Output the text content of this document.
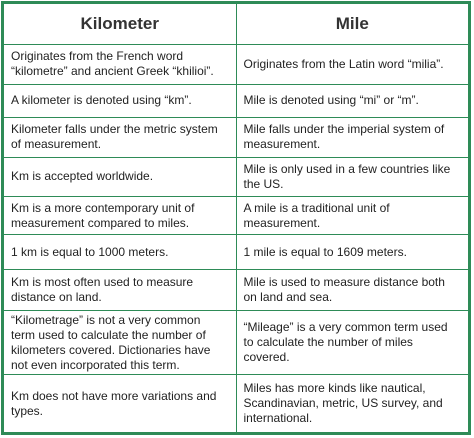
Kilometer	Mile
Originates from the French word “kilometre” and ancient Greek “khilioi”.	Originates from the Latin word “milia”.
A kilometer is denoted using “km”.	Mile is denoted using “mi” or “m”.
Kilometer falls under the metric system of measurement.	Mile falls under the imperial system of measurement.
Km is accepted worldwide.	Mile is only used in a few countries like the US.
Km is a more contemporary unit of measurement compared to miles.	A mile is a traditional unit of measurement.
1 km is equal to 1000 meters.	1 mile is equal to 1609 meters.
Km is most often used to measure distance on land.	Mile is used to measure distance both on land and sea.
“Kilometrage” is not a very common term used to calculate the number of kilometers covered. Dictionaries have not even incorporated this term.	“Mileage” is a very common term used to calculate the number of miles covered.
Km does not have more variations and types.	Miles has more kinds like nautical, Scandinavian, metric, US survey, and international.
